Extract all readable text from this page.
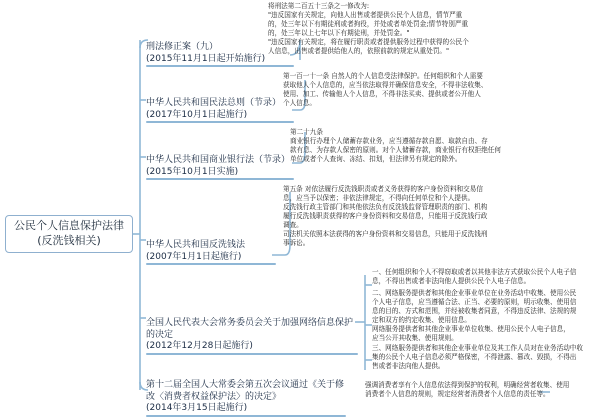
公民个人信息保护法律
(反洗钱相关)
刑法修正案（九）
(2015年11月1日起开始施行)
将刑法第二百五十三条之一修改为:
"违反国家有关规定，向他人出售或者提供公民个人信息，情节严重
的，处三年以下有期徒刑或者拘役，并处或者单处罚金;情节特别严重
的，处三年以上七年以下有期徒刑，并处罚金。"
"违反国家有关规定，将在履行职责或者提供服务过程中获得的公民个
人信息，出售或者提供给他人的，依照前款的规定从重处罚。"
中华人民共和国民法总则（节录）
(2017年10月1日起施行)
第一百一十一条 自然人的个人信息受法律保护。任何组织和个人需要
获取他人个人信息的，应当依法取得并确保信息安全，不得非法收集、
使用、加工、传输他人个人信息，不得非法买卖、提供或者公开他人
个人信息。
中华人民共和国商业银行法（节录）
(2015年10月1日实施)
第二十九条
商业银行办理个人储蓄存款业务，应当遵循存款自愿、取款自由、存
款有息、为存款人保密的原则。对个人储蓄存款，商业银行有权拒绝任何
单位或者个人查询、冻结、扣划，但法律另有规定的除外。
中华人民共和国反洗钱法
(2007年1月1日起施行)
第五条 对依法履行反洗钱职责或者义务获得的客户身份资料和交易信
息，应当予以保密；非依法律规定，不得向任何单位和个人提供。
反洗钱行政主管部门和其他依法负有反洗钱监督管理职责的部门、机构
履行反洗钱职责获得的客户身份资料和交易信息，只能用于反洗钱行政
调查。
司法机关依照本法获得的客户身份资料和交易信息，只能用于反洗钱刑
事诉讼。
全国人民代表大会常务委员会关于加强网络信息保护的决定
(2012年12月28日起施行)
一、任何组织和个人不得窃取或者以其他非法方式获取公民个人电子信
息，不得出售或者非法向他人提供公民个人电子信息。
二、网络服务提供者和其他企业事业单位在业务活动中收集、使用公民
个人电子信息，应当遵循合法、正当、必要的原则，明示收集、使用信
息的目的、方式和范围，并经被收集者同意，不得违反法律、法规的规
定和双方的约定收集、使用信息。
网络服务提供者和其他企业事业单位收集、使用公民个人电子信息，
应当公开其收集、使用规则。
三、网络服务提供者和其他企业事业单位及其工作人员对在业务活动中收
集的公民个人电子信息必须严格保密，不得泄露、篡改、毁损，不得出
售或者非法向他人提供。
第十二届全国人大常委会第五次会议通过《关于修改〈消费者权益保护法〉的决定》
(2014年3月15日起施行)
强调消费者享有个人信息依法得到保护的权利，明确经营者收集、使用
消费者个人信息的规则，规定经营者消费者个人信息的责任等。
